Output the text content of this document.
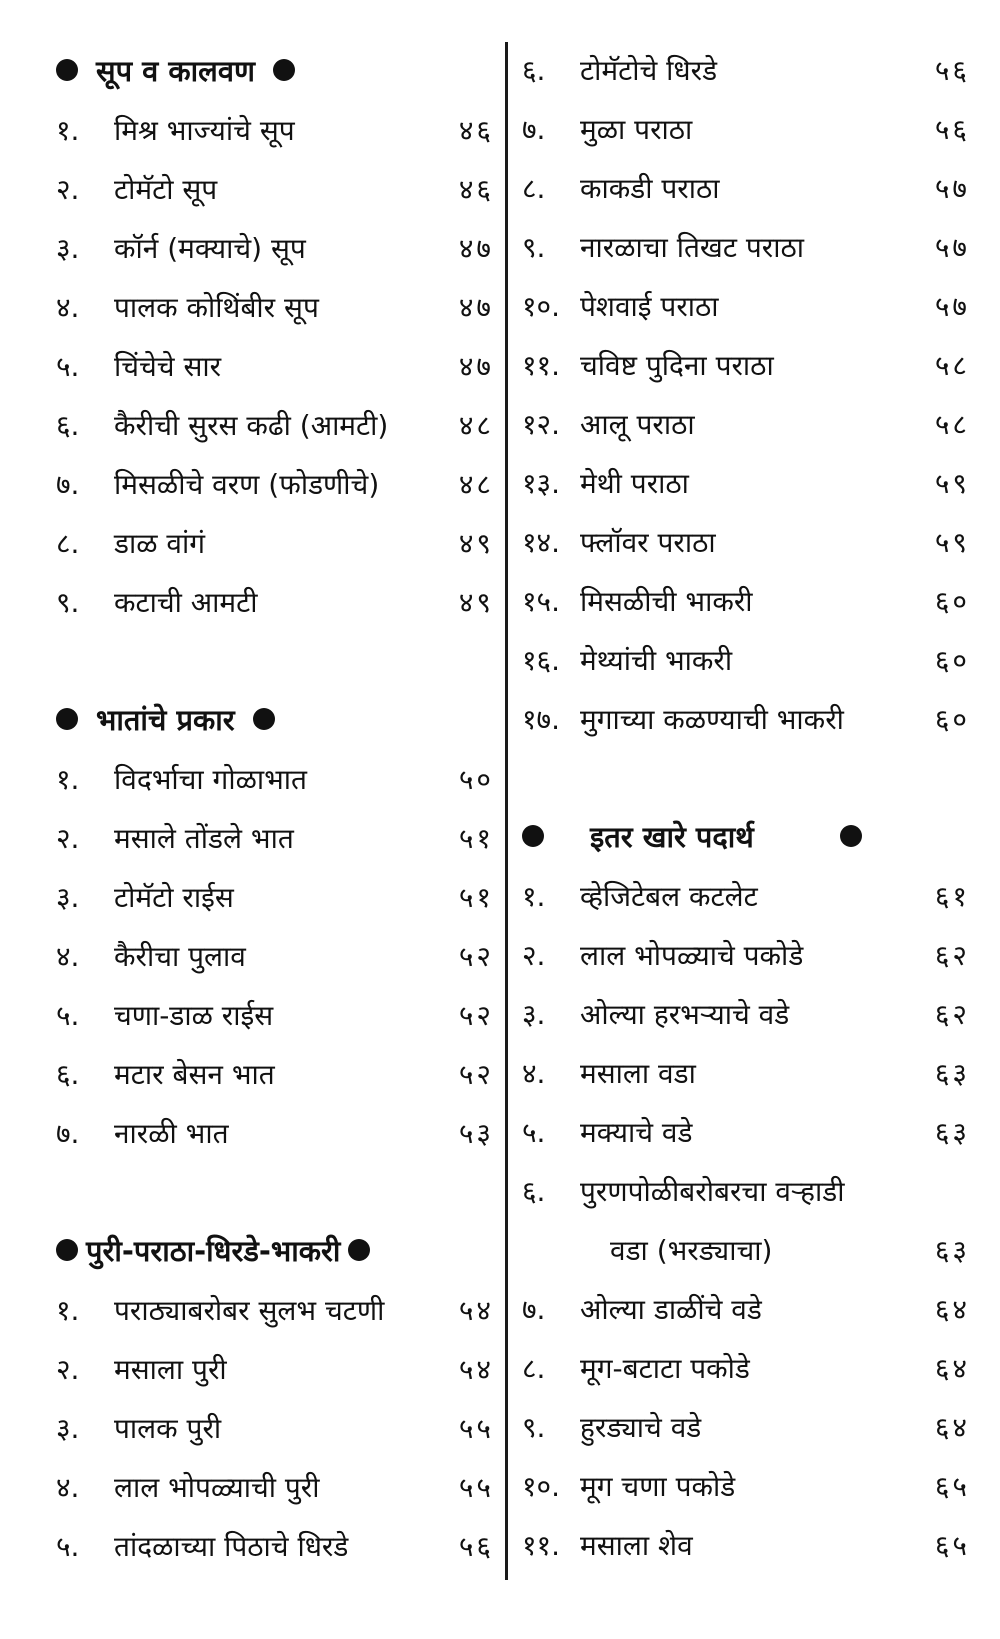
सूप व कालवण
१.	मिश्र भाज्यांचे सूप	४६
२.	टोमॅटो सूप	४६
३.	कॉर्न (मक्याचे) सूप	४७
४.	पालक कोथिंबीर सूप	४७
५.	चिंचेचे सार	४७
६.	कैरीची सुरस कढी (आमटी)	४८
७.	मिसळीचे वरण (फोडणीचे)	४८
८.	डाळ वांगं	४९
९.	कटाची आमटी	४९
भातांचे प्रकार
१.	विदर्भाचा गोळाभात	५०
२.	मसाले तोंडले भात	५१
३.	टोमॅटो राईस	५१
४.	कैरीचा पुलाव	५२
५.	चणा-डाळ राईस	५२
६.	मटार बेसन भात	५२
७.	नारळी भात	५३
पुरी-पराठा-धिरडे-भाकरी
१.	पराठ्याबरोबर सुलभ चटणी	५४
२.	मसाला पुरी	५४
३.	पालक पुरी	५५
४.	लाल भोपळ्याची पुरी	५५
५.	तांदळाच्या पिठाचे धिरडे	५६
६.	टोमॅटोचे धिरडे	५६
७.	मुळा पराठा	५६
८.	काकडी पराठा	५७
९.	नारळाचा तिखट पराठा	५७
१०. पेशवाई पराठा	५७
११. चविष्ट पुदिना पराठा	५८
१२. आलू पराठा	५८
१३. मेथी पराठा	५९
१४. फ्लॉवर पराठा	५९
१५. मिसळीची भाकरी	६०
१६. मेथ्यांची भाकरी	६०
१७. मुगाच्या कळण्याची भाकरी	६०
इतर खारे पदार्थ
१.	व्हेजिटेबल कटलेट	६१
२.	लाल भोपळ्याचे पकोडे	६२
३.	ओल्या हरभऱ्याचे वडे	६२
४.	मसाला वडा	६३
५.	मक्याचे वडे	६३
६.	पुरणपोळीबरोबरचा वऱ्हाडी
वडा (भरड्याचा)	६३
७.	ओल्या डाळींचे वडे	६४
८.	मूग-बटाटा पकोडे	६४
९.	हुरड्याचे वडे	६४
१०. मूग चणा पकोडे	६५
११. मसाला शेव	६५
